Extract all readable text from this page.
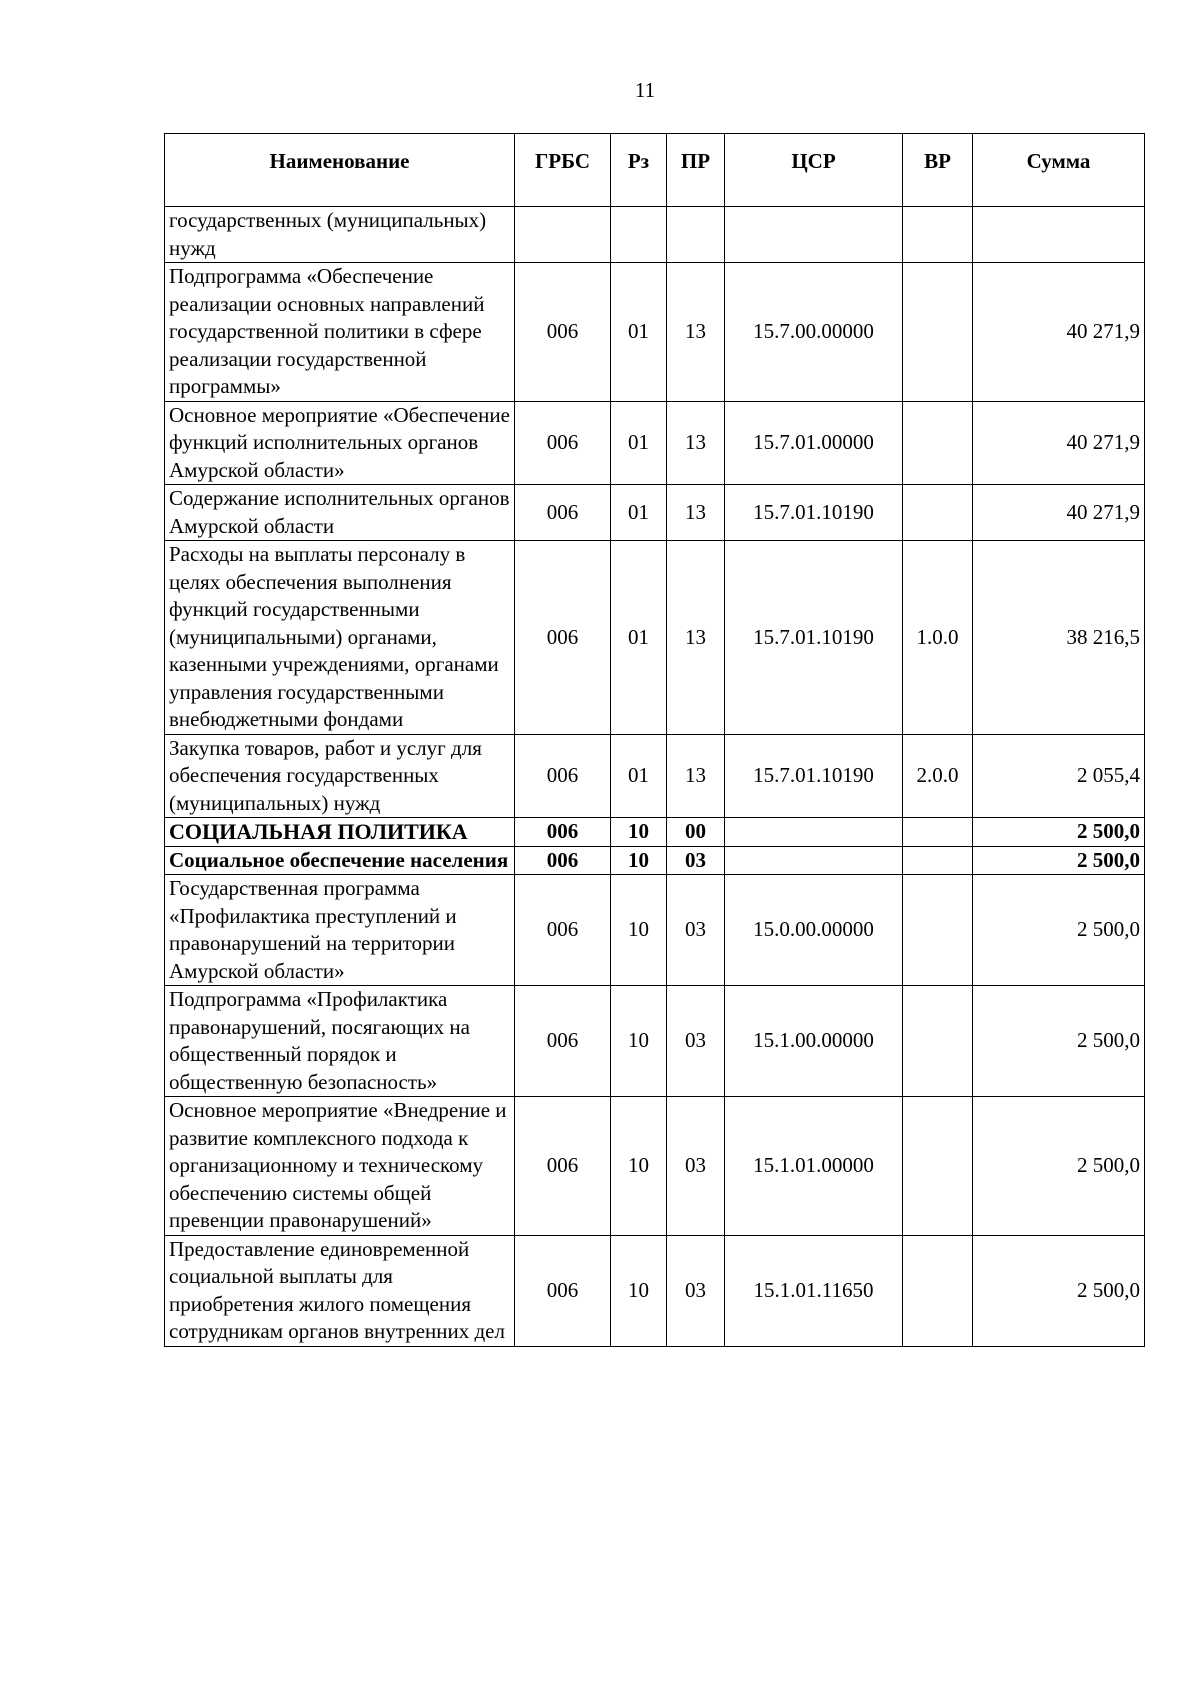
11
Наименование	ГРБС	Рз	ПР	ЦСР	ВР	Сумма
государственных (муниципальных) нужд						
Подпрограмма «Обеспечение реализации основных направлений государственной политики в сфере реализации государственной программы»	006	01	13	15.7.00.00000		40 271,9
Основное мероприятие «Обеспечение функций исполнительных органов Амурской области»	006	01	13	15.7.01.00000		40 271,9
Содержание исполнительных органов Амурской области	006	01	13	15.7.01.10190		40 271,9
Расходы на выплаты персоналу в целях обеспечения выполнения функций государственными (муниципальными) органами, казенными учреждениями, органами управления государственными внебюджетными фондами	006	01	13	15.7.01.10190	1.0.0	38 216,5
Закупка товаров, работ и услуг для обеспечения государственных (муниципальных) нужд	006	01	13	15.7.01.10190	2.0.0	2 055,4
СОЦИАЛЬНАЯ ПОЛИТИКА	006	10	00			2 500,0
Социальное обеспечение населения	006	10	03			2 500,0
Государственная программа «Профилактика преступлений и правонарушений на территории Амурской области»	006	10	03	15.0.00.00000		2 500,0
Подпрограмма «Профилактика правонарушений, посягающих на общественный порядок и общественную безопасность»	006	10	03	15.1.00.00000		2 500,0
Основное мероприятие «Внедрение и развитие комплексного подхода к организационному и техническому обеспечению системы общей превенции правонарушений»	006	10	03	15.1.01.00000		2 500,0
Предоставление единовременной социальной выплаты для приобретения жилого помещения сотрудникам органов внутренних дел	006	10	03	15.1.01.11650		2 500,0
